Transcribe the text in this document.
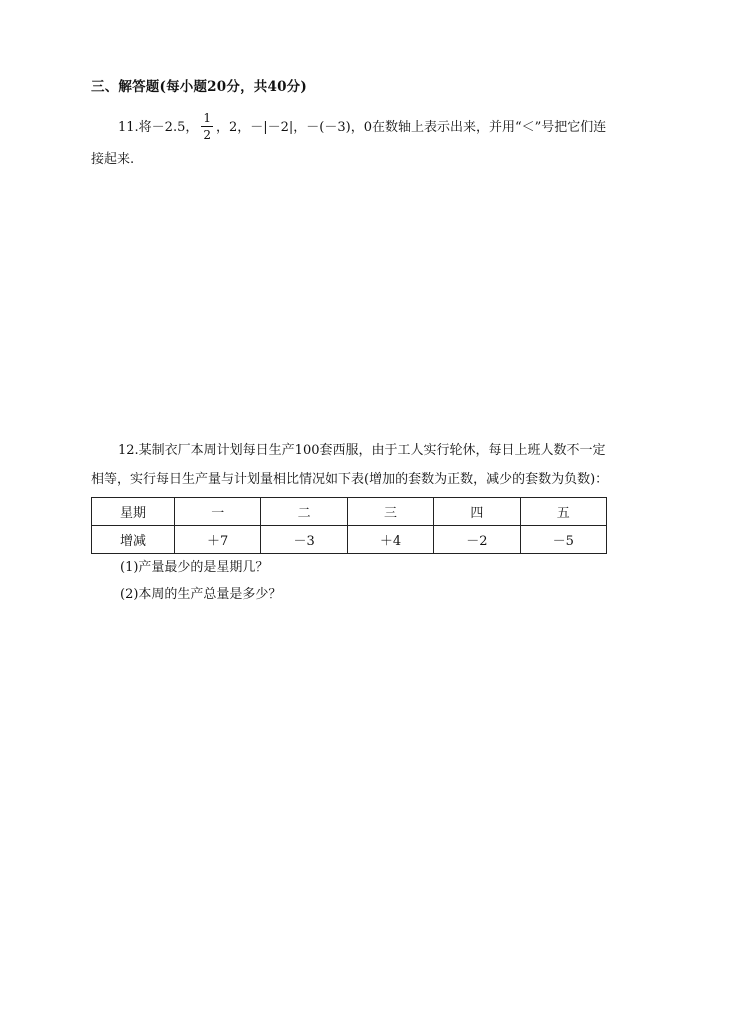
三、解答题(每小题20分，共40分)
11.将－2.5， $\frac{1}{2}$ ，2，－|－2|，－(－3)，0在数轴上表示出来，并用“＜”号把它们连
接起来.
12.某制衣厂本周计划每日生产100套西服，由于工人实行轮休，每日上班人数不一定
相等，实行每日生产量与计划量相比情况如下表(增加的套数为正数，减少的套数为负数)：
星期	一	二	三	四	五
增减	＋7	－3	＋4	－2	－5
(1)产量最少的是星期几？
(2)本周的生产总量是多少？
